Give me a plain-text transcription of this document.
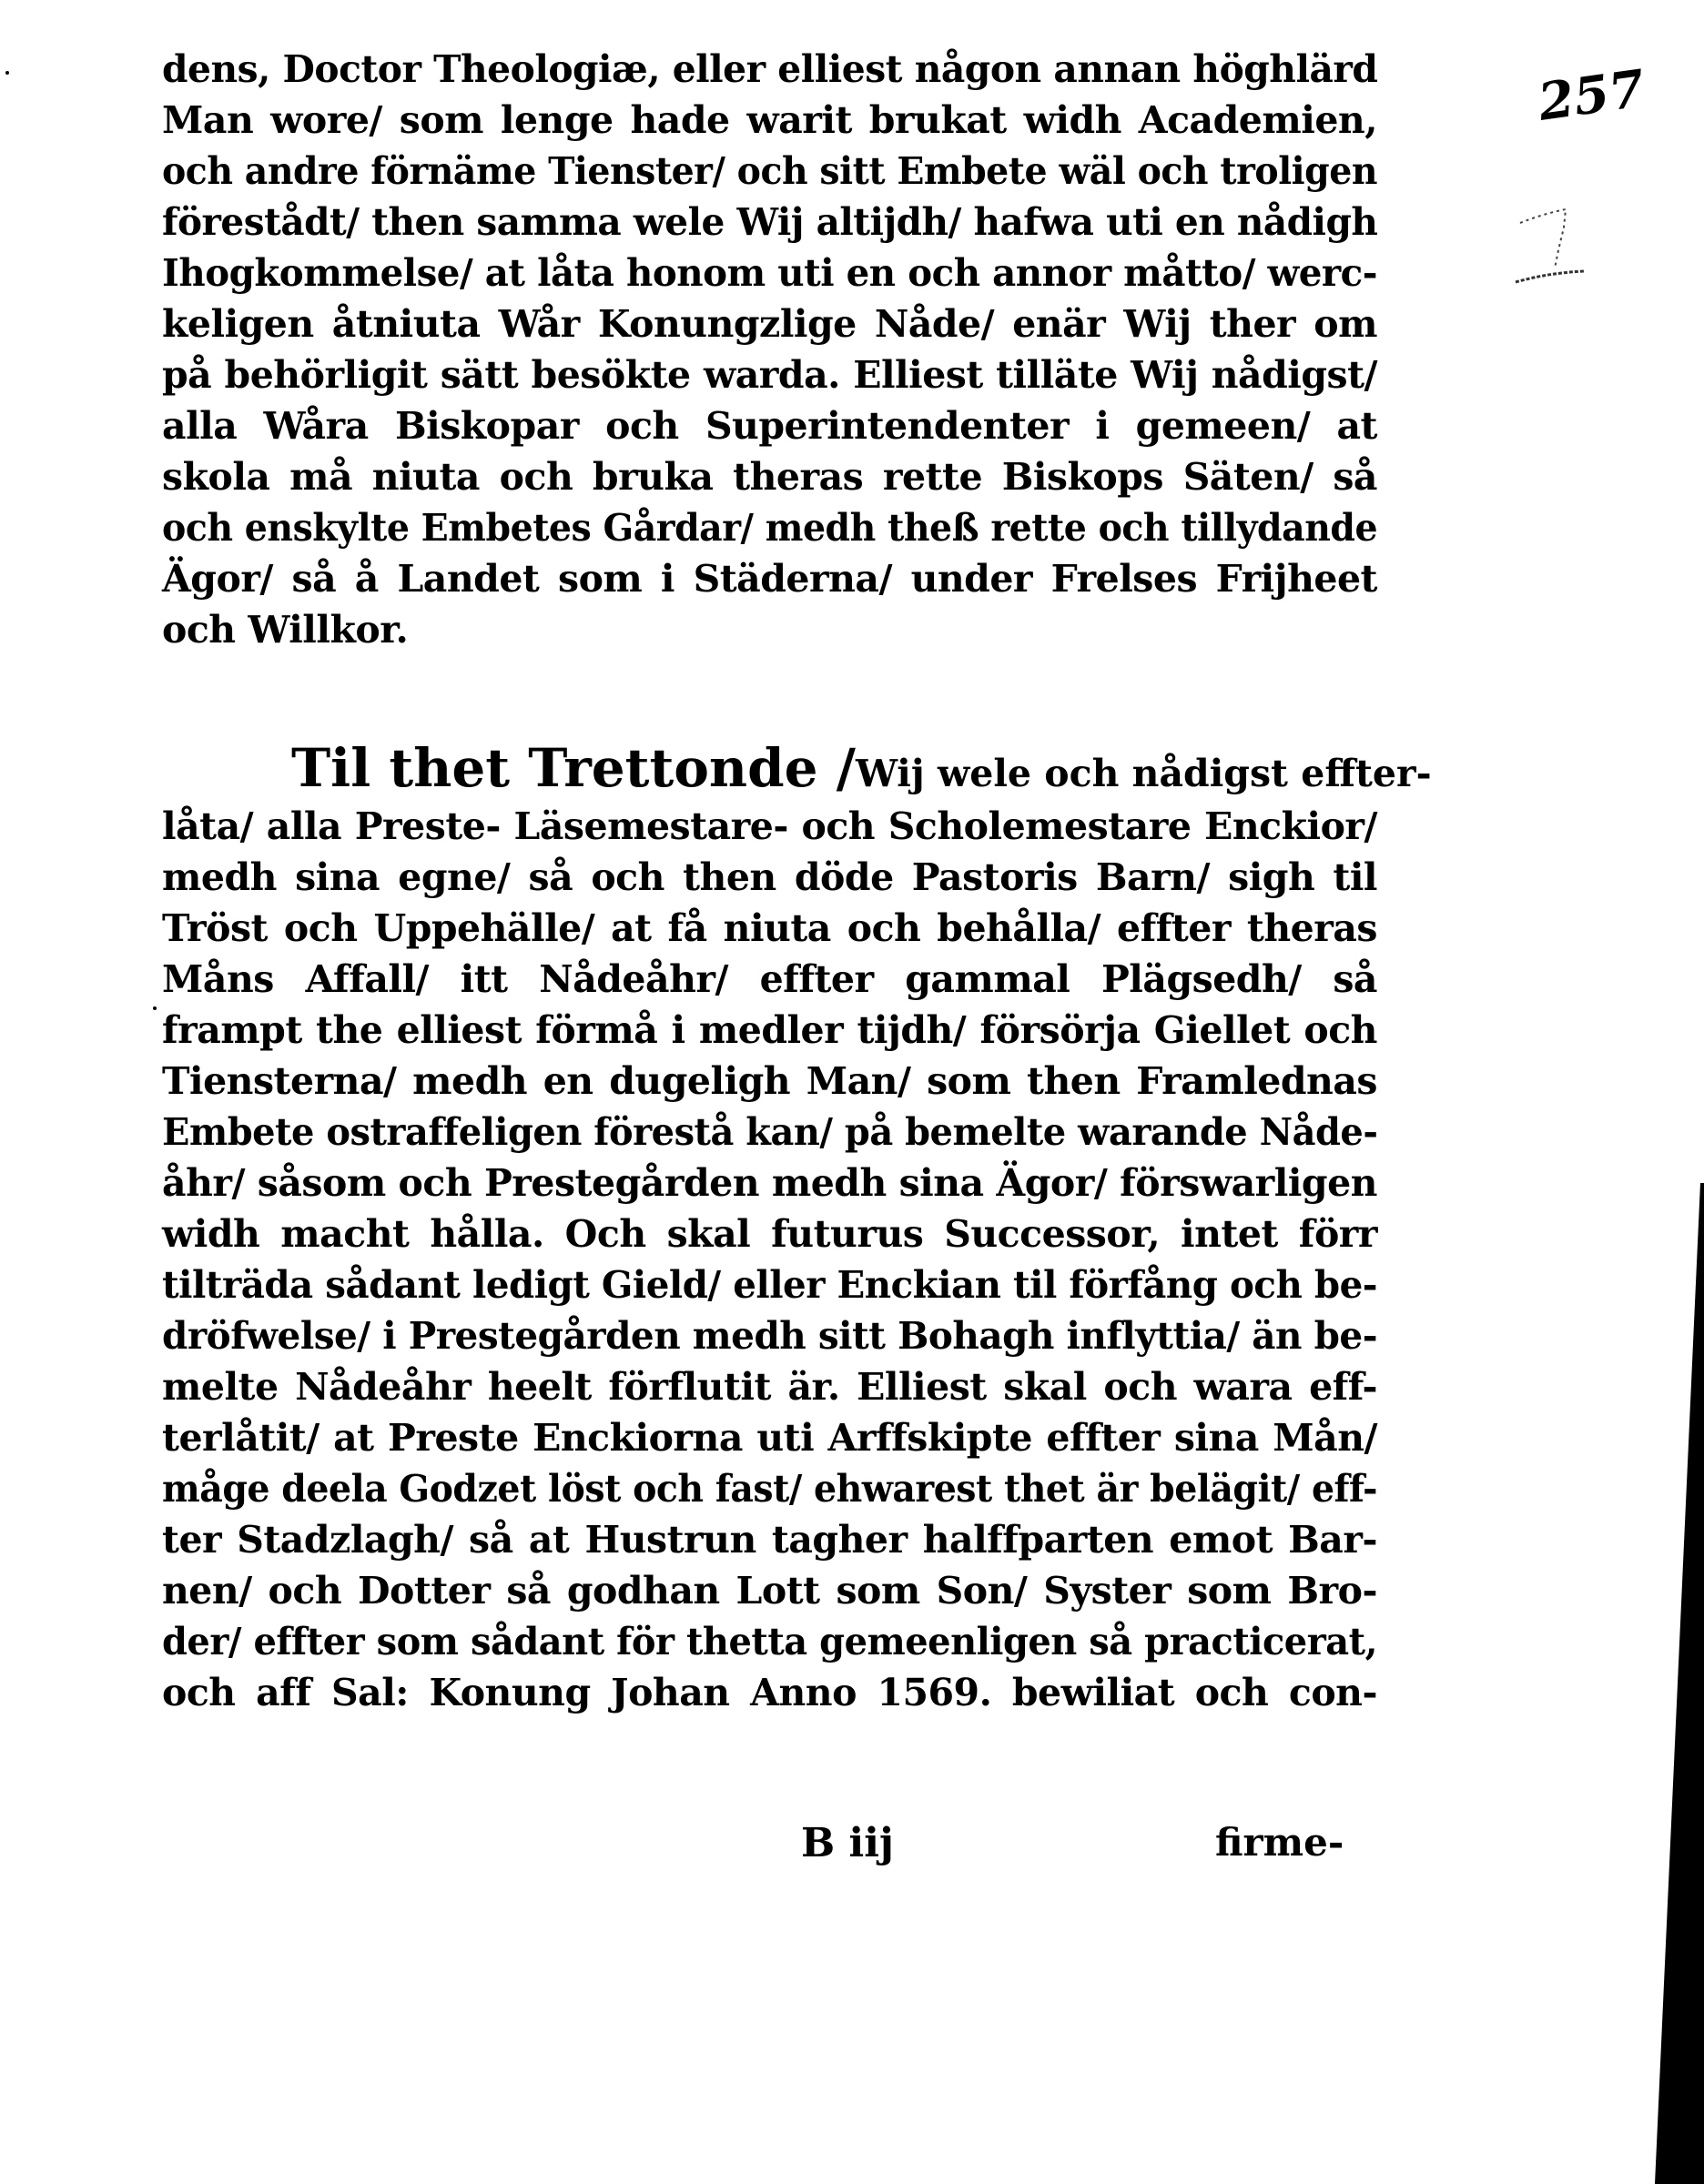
257
dens, Doctor Theologiæ, eller elliest någon annan höghlärd
Man wore/ som lenge hade warit brukat widh Academien,
och andre förnäme Tienster/ och sitt Embete wäl och troligen
förestådt/ then samma wele Wij altijdh/ hafwa uti en nådigh
Ihogkommelse/ at låta honom uti en och annor måtto/ werc-
keligen åtniuta Wår Konungzlige Nåde/ enär Wij ther om
på behörligit sätt besökte warda. Elliest tilläte Wij nådigst/
alla Wåra Biskopar och Superintendenter i gemeen/ at
skola må niuta och bruka theras rette Biskops Säten/ så
och enskylte Embetes Gårdar/ medh theß rette och tillydande
Ägor/ så å Landet som i Städerna/ under Frelses Frijheet
och Willkor.
Til thet Trettonde / Wij wele och nådigst effter-
låta/ alla Preste- Läsemestare- och Scholemestare Enckior/
medh sina egne/ så och then döde Pastoris Barn/ sigh til
Tröst och Uppehälle/ at få niuta och behålla/ effter theras
Måns Affall/ itt Nådeåhr/ effter gammal Plägsedh/ så
frampt the elliest förmå i medler tijdh/ försörja Giellet och
Tiensterna/ medh en dugeligh Man/ som then Framlednas
Embete ostraffeligen förestå kan/ på bemelte warande Nåde-
åhr/ såsom och Prestegården medh sina Ägor/ förswarligen
widh macht hålla. Och skal futurus Successor, intet förr
tilträda sådant ledigt Gield/ eller Enckian til förfång och be-
dröfwelse/ i Prestegården medh sitt Bohagh inflyttia/ än be-
melte Nådeåhr heelt förflutit är. Elliest skal och wara eff-
terlåtit/ at Preste Enckiorna uti Arffskipte effter sina Mån/
måge deela Godzet löst och fast/ ehwarest thet är belägit/ eff-
ter Stadzlagh/ så at Hustrun tagher halffparten emot Bar-
nen/ och Dotter så godhan Lott som Son/ Syster som Bro-
der/ effter som sådant för thetta gemeenligen så practicerat,
och aff Sal: Konung Johan Anno 1569. bewiliat och con-
B iij	firme-
